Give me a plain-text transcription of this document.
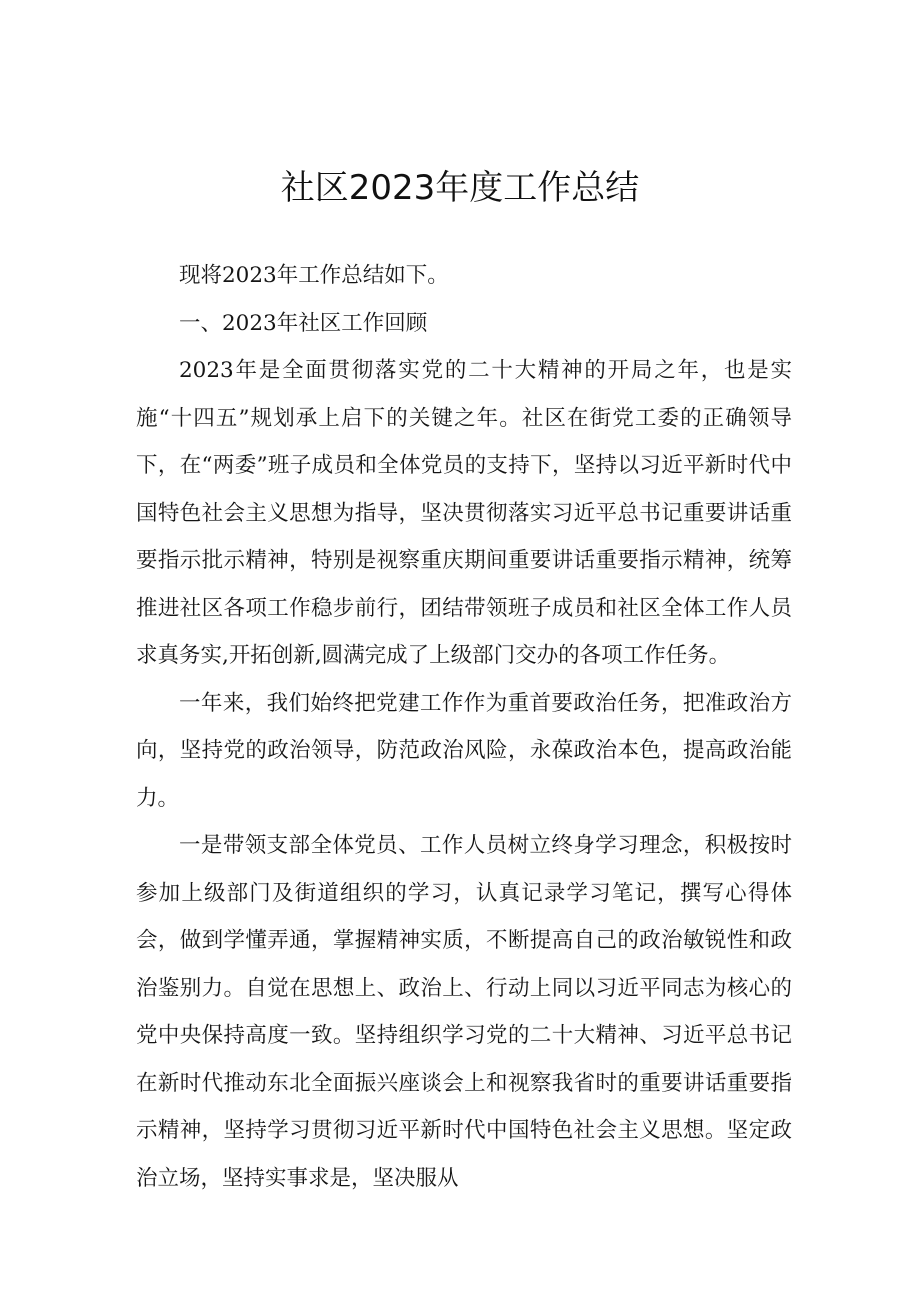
社区2023年度工作总结

现将2023年工作总结如下。

一、2023年社区工作回顾

2023年是全面贯彻落实党的二十大精神的开局之年，也是实施“十四五”规划承上启下的关键之年。社区在街党工委的正确领导下，在“两委”班子成员和全体党员的支持下，坚持以习近平新时代中国特色社会主义思想为指导，坚决贯彻落实习近平总书记重要讲话重要指示批示精神，特别是视察重庆期间重要讲话重要指示精神，统筹推进社区各项工作稳步前行，团结带领班子成员和社区全体工作人员求真务实,开拓创新,圆满完成了上级部门交办的各项工作任务。

一年来，我们始终把党建工作作为重首要政治任务，把准政治方向，坚持党的政治领导，防范政治风险，永葆政治本色，提高政治能力。

一是带领支部全体党员、工作人员树立终身学习理念，积极按时参加上级部门及街道组织的学习，认真记录学习笔记，撰写心得体会，做到学懂弄通，掌握精神实质，不断提高自己的政治敏锐性和政治鉴别力。自觉在思想上、政治上、行动上同以习近平同志为核心的党中央保持高度一致。坚持组织学习党的二十大精神、习近平总书记在新时代推动东北全面振兴座谈会上和视察我省时的重要讲话重要指示精神，坚持学习贯彻习近平新时代中国特色社会主义思想。坚定政治立场，坚持实事求是，坚决服从
